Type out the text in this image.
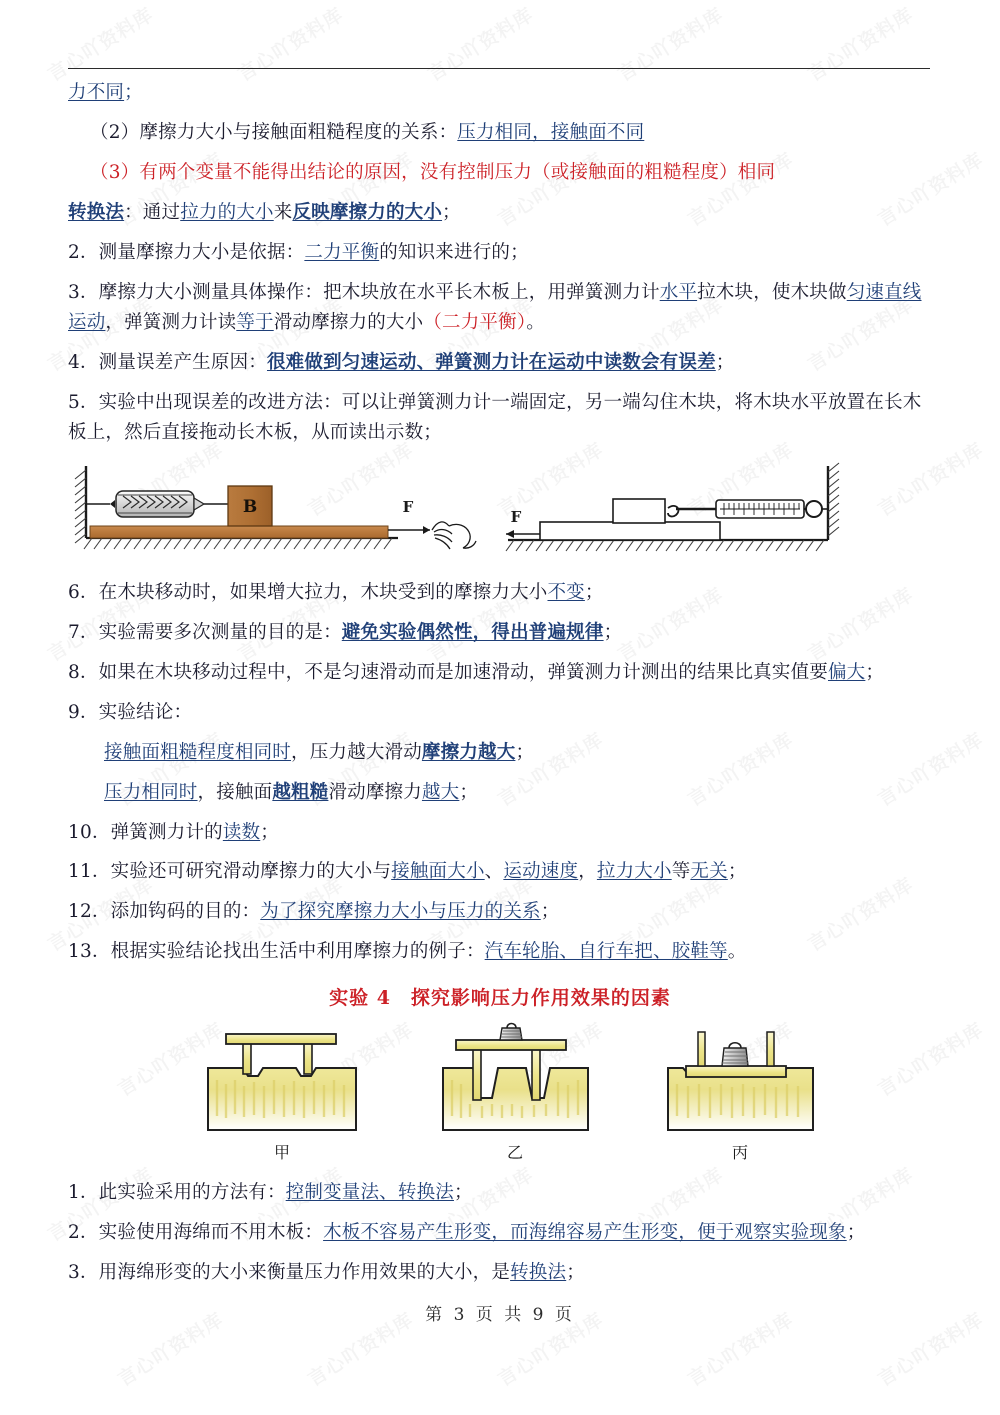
力不同；

（2）摩擦力大小与接触面粗糙程度的关系：压力相同，接触面不同

（3）有两个变量不能得出结论的原因，没有控制压力（或接触面的粗糙程度）相同

转换法：通过拉力的大小来反映摩擦力的大小；

2．测量摩擦力大小是依据：二力平衡的知识来进行的；

3．摩擦力大小测量具体操作：把木块放在水平长木板上，用弹簧测力计水平拉木块，使木块做匀速直线运动，弹簧测力计读等于滑动摩擦力的大小（二力平衡）。

4．测量误差产生原因：很难做到匀速运动、弹簧测力计在运动中读数会有误差；

5．实验中出现误差的改进方法：可以让弹簧测力计一端固定，另一端勾住木块，将木块水平放置在长木板上，然后直接拖动长木板，从而读出示数；

B	F
F

6．在木块移动时，如果增大拉力，木块受到的摩擦力大小不变；

7．实验需要多次测量的目的是：避免实验偶然性，得出普遍规律；

8．如果在木块移动过程中，不是匀速滑动而是加速滑动，弹簧测力计测出的结果比真实值要偏大；

9．实验结论：

接触面粗糙程度相同时，压力越大滑动摩擦力越大；

压力相同时，接触面越粗糙滑动摩擦力越大；

10．弹簧测力计的读数；

11．实验还可研究滑动摩擦力的大小与接触面大小、运动速度，拉力大小等无关；

12．添加钩码的目的：为了探究摩擦力大小与压力的关系；

13．根据实验结论找出生活中利用摩擦力的例子：汽车轮胎、自行车把、胶鞋等。

实验 4　探究影响压力作用效果的因素
甲	乙	丙

1．此实验采用的方法有：控制变量法、转换法；

2．实验使用海绵而不用木板：木板不容易产生形变，而海绵容易产生形变，便于观察实验现象；

3．用海绵形变的大小来衡量压力作用效果的大小，是转换法；

第 3 页 共 9 页
